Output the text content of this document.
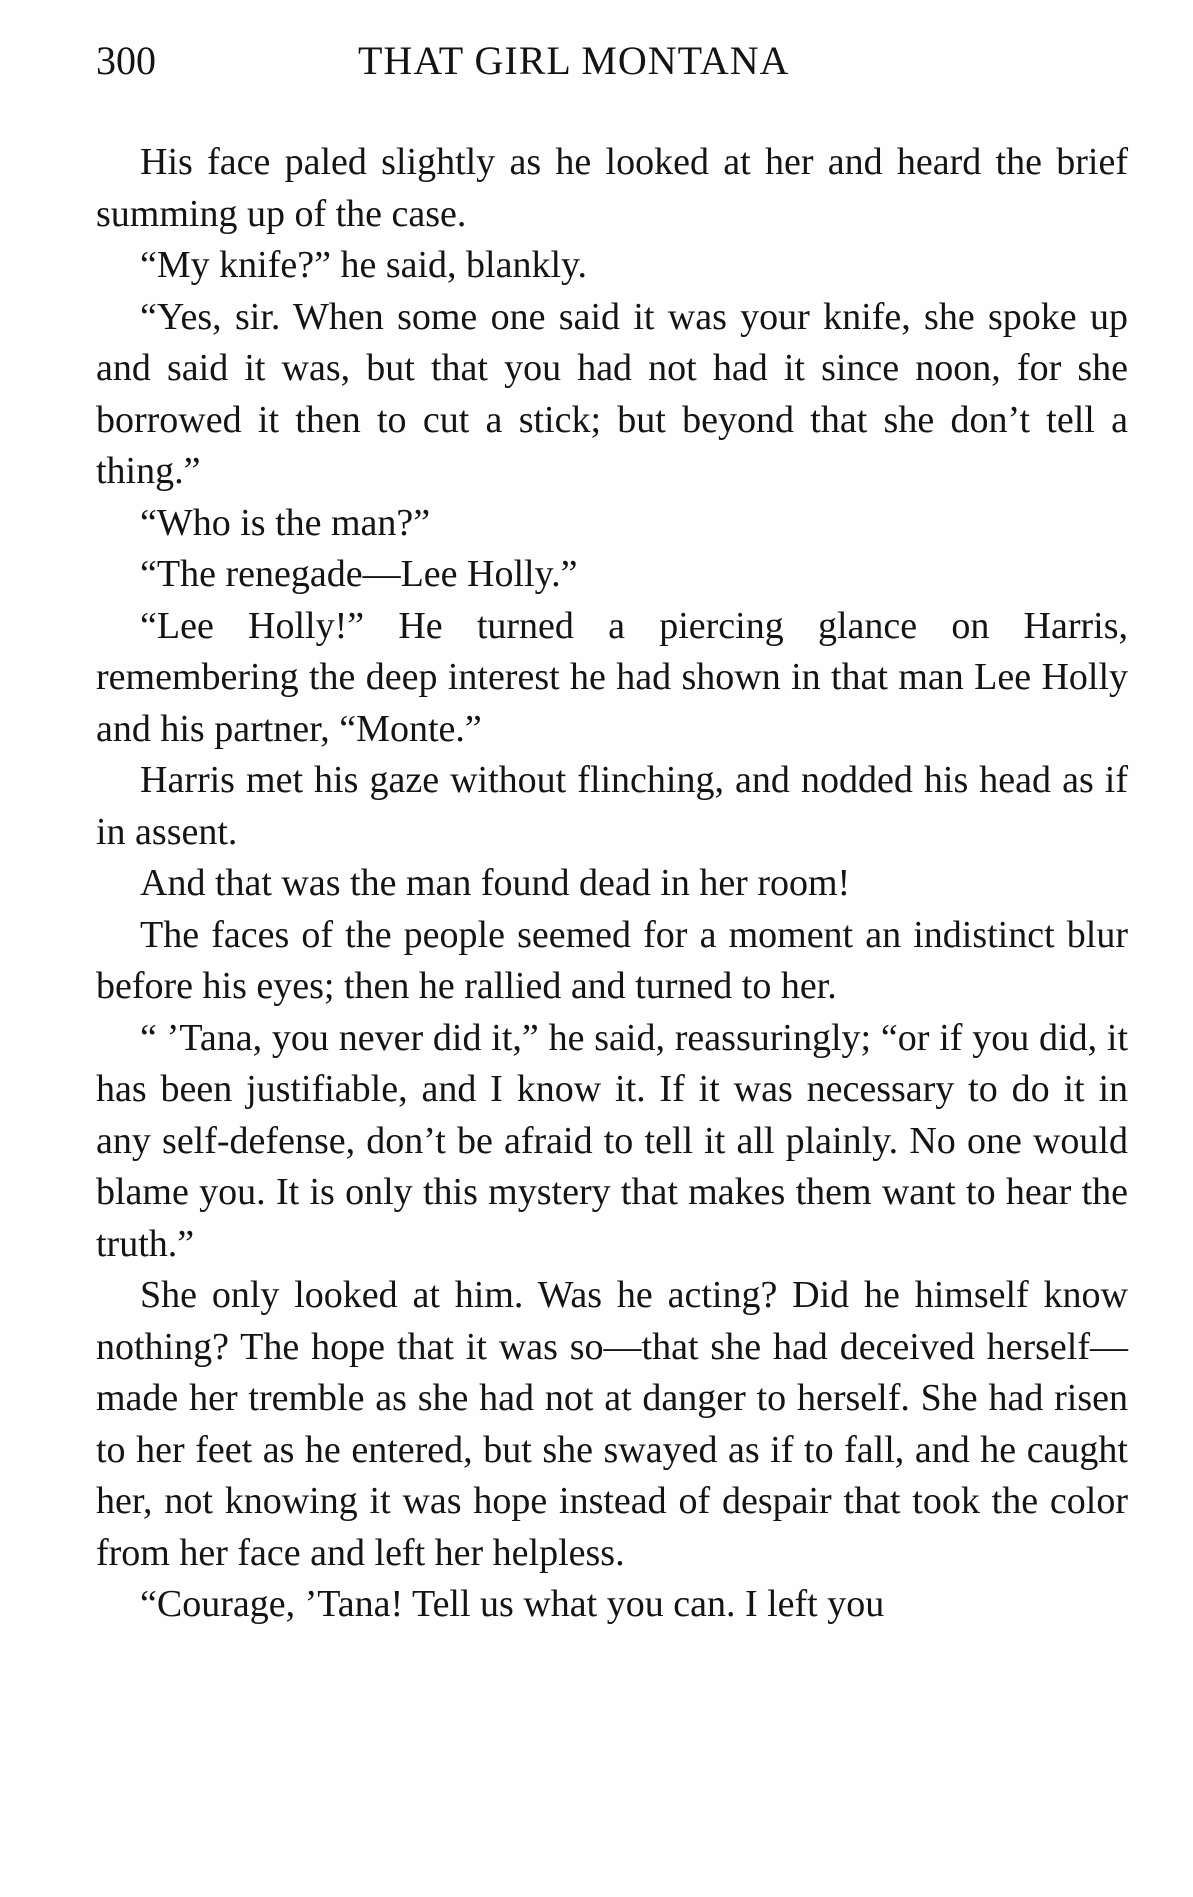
300	THAT GIRL MONTANA

His face paled slightly as he looked at her and heard the brief summing up of the case.

“My knife?” he said, blankly.

“Yes, sir. When some one said it was your knife, she spoke up and said it was, but that you had not had it since noon, for she borrowed it then to cut a stick; but beyond that she don’t tell a thing.”

“Who is the man?”

“The renegade—Lee Holly.”

“Lee Holly!” He turned a piercing glance on Harris, remembering the deep interest he had shown in that man Lee Holly and his partner, “Monte.”

Harris met his gaze without flinching, and nodded his head as if in assent.

And that was the man found dead in her room!

The faces of the people seemed for a moment an indistinct blur before his eyes; then he rallied and turned to her.

“ ’Tana, you never did it,” he said, reassuringly; “or if you did, it has been justifiable, and I know it. If it was necessary to do it in any self-defense, don’t be afraid to tell it all plainly. No one would blame you. It is only this mystery that makes them want to hear the truth.”

She only looked at him. Was he acting? Did he himself know nothing? The hope that it was so—that she had deceived herself—made her tremble as she had not at danger to herself. She had risen to her feet as he entered, but she swayed as if to fall, and he caught her, not knowing it was hope instead of despair that took the color from her face and left her helpless.

“Courage, ’Tana! Tell us what you can. I left you
